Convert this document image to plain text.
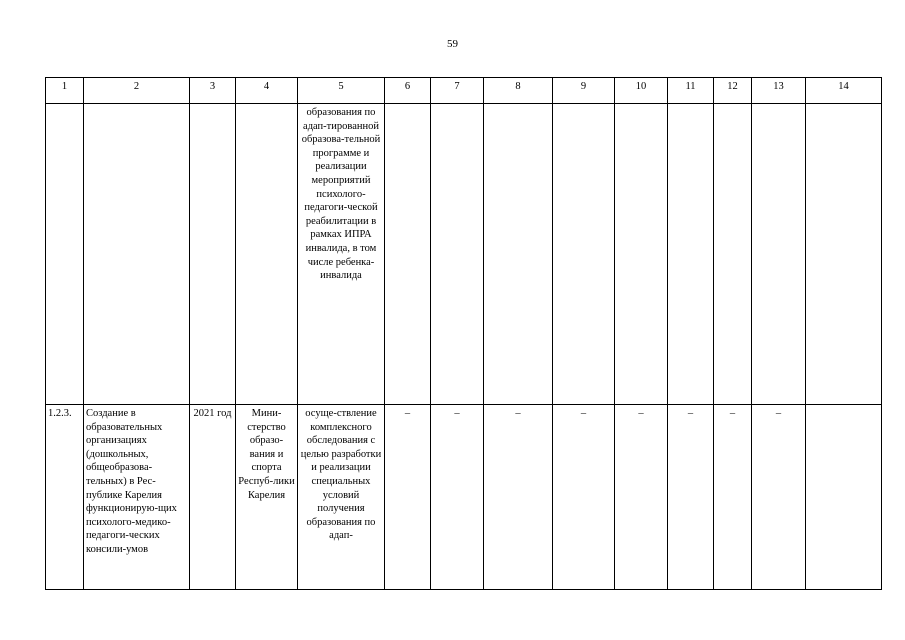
59
1	2	3	4	5	6	7	8	9	10	11	12	13	14
				образования по адап-тированной образова-тельной программе и реализации мероприятий психолого-педагоги-ческой реабилитации в рамках ИПРА инвалида, в том числе ребенка-инвалида									
1.2.3.	Создание в образовательных организациях (дошкольных, общеобразова-тельных) в Рес-публике Карелия функционирую-щих психолого-медико-педагоги-ческих консили-умов	2021 год	Мини-стерство образо-вания и спорта Респуб-лики Карелия	осуще-ствление комплексного обследования с целью разработки и реализации специальных условий получения образования по адап-	–	–	–	–	–	–	–	–	
